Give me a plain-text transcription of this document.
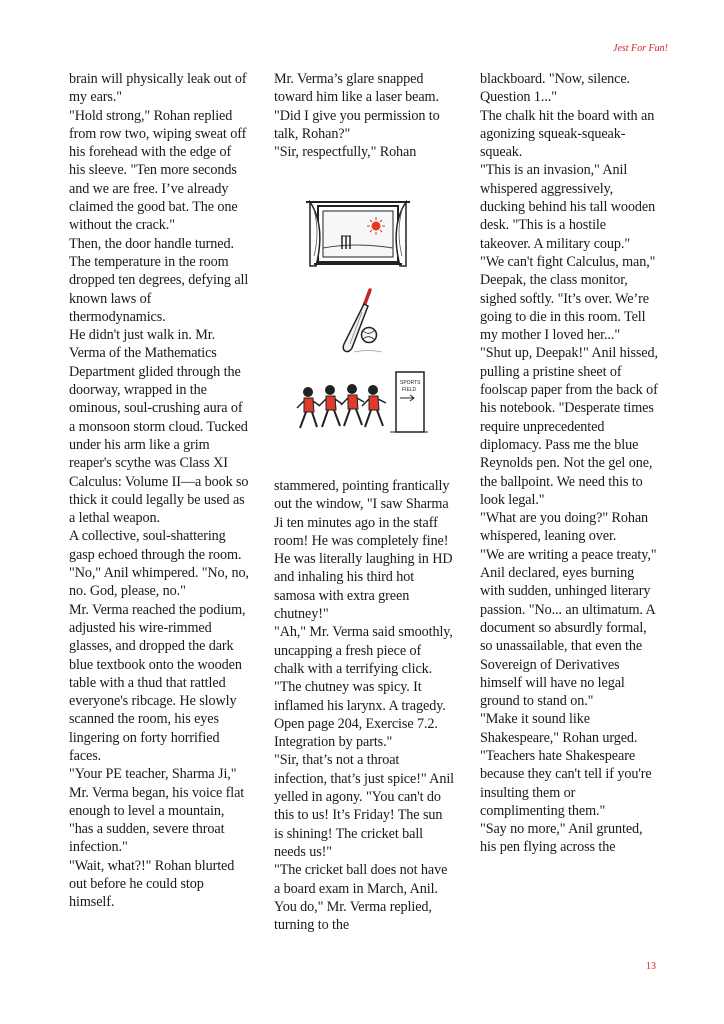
Jest For Fun!

brain will physically leak out of my ears."

"Hold strong," Rohan replied from row two, wiping sweat off his forehead with the edge of his sleeve. "Ten more seconds and we are free. I’ve already claimed the good bat. The one without the crack."

Then, the door handle turned. The temperature in the room dropped ten degrees, defying all known laws of thermodynamics.

He didn't just walk in. Mr. Verma of the Mathematics Department glided through the doorway, wrapped in the ominous, soul-crushing aura of a monsoon storm cloud. Tucked under his arm like a grim reaper's scythe was Class XI Calculus: Volume II—a book so thick it could legally be used as a lethal weapon.

A collective, soul-shattering gasp echoed through the room.

"No," Anil whimpered. "No, no, no. God, please, no."

Mr. Verma reached the podium, adjusted his wire-rimmed glasses, and dropped the dark blue textbook onto the wooden table with a thud that rattled everyone's ribcage. He slowly scanned the room, his eyes lingering on forty horrified faces.

"Your PE teacher, Sharma Ji," Mr. Verma began, his voice flat enough to level a mountain, "has a sudden, severe throat infection."

"Wait, what?!" Rohan blurted out before he could stop himself.

Mr. Verma’s glare snapped toward him like a laser beam. "Did I give you permission to talk, Rohan?"

"Sir, respectfully," Rohan

SPORTS
FIELD

stammered, pointing frantically out the window, "I saw Sharma Ji ten minutes ago in the staff room! He was completely fine! He was literally laughing in HD and inhaling his third hot samosa with extra green chutney!"

"Ah," Mr. Verma said smoothly, uncapping a fresh piece of chalk with a terrifying click. "The chutney was spicy. It inflamed his larynx. A tragedy. Open page 204, Exercise 7.2. Integration by parts."

"Sir, that’s not a throat infection, that’s just spice!" Anil yelled in agony. "You can't do this to us! It’s Friday! The sun is shining! The cricket ball needs us!"

"The cricket ball does not have a board exam in March, Anil. You do," Mr. Verma replied, turning to the

blackboard. "Now, silence. Question 1..."

The chalk hit the board with an agonizing squeak-squeak-squeak.

"This is an invasion," Anil whispered aggressively, ducking behind his tall wooden desk. "This is a hostile takeover. A military coup."

"We can't fight Calculus, man," Deepak, the class monitor, sighed softly. "It’s over. We’re going to die in this room. Tell my mother I loved her..."

"Shut up, Deepak!" Anil hissed, pulling a pristine sheet of foolscap paper from the back of his notebook. "Desperate times require unprecedented diplomacy. Pass me the blue Reynolds pen. Not the gel one, the ballpoint. We need this to look legal."

"What are you doing?" Rohan whispered, leaning over.

"We are writing a peace treaty," Anil declared, eyes burning with sudden, unhinged literary passion. "No... an ultimatum. A document so absurdly formal, so unassailable, that even the Sovereign of Derivatives himself will have no legal ground to stand on."

"Make it sound like Shakespeare," Rohan urged. "Teachers hate Shakespeare because they can't tell if you're insulting them or complimenting them."

"Say no more," Anil grunted, his pen flying across the

13
